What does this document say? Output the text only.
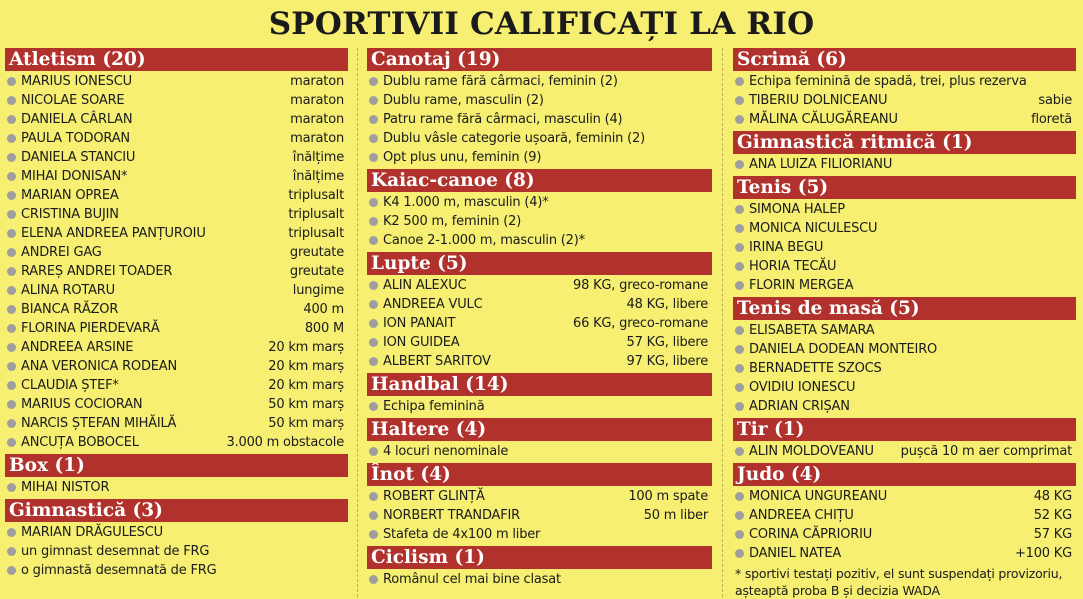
SPORTIVII CALIFICAȚI LA RIO
Atletism (20)
MARIUS IONESCU	maraton
NICOLAE SOARE	maraton
DANIELA CÂRLAN	maraton
PAULA TODORAN	maraton
DANIELA STANCIU	înălțime
MIHAI DONISAN*	înălțime
MARIAN OPREA	triplusalt
CRISTINA BUJIN	triplusalt
ELENA ANDREEA PANȚUROIU	triplusalt
ANDREI GAG	greutate
RAREȘ ANDREI TOADER	greutate
ALINA ROTARU	lungime
BIANCA RĂZOR	400 m
FLORINA PIERDEVARĂ	800 M
ANDREEA ARSINE	20 km marș
ANA VERONICA RODEAN	20 km marș
CLAUDIA ȘTEF*	20 km marș
MARIUS COCIORAN	50 km marș
NARCIS ȘTEFAN MIHĂILĂ	50 km marș
ANCUȚA BOBOCEL	3.000 m obstacole
Box (1)
MIHAI NISTOR
Gimnastică (3)
MARIAN DRĂGULESCU
un gimnast desemnat de FRG
o gimnastă desemnată de FRG
Canotaj (19)
Dublu rame fără cârmaci, feminin (2)
Dublu rame, masculin (2)
Patru rame fără cârmaci, masculin (4)
Dublu vâsle categorie ușoară, feminin (2)
Opt plus unu, feminin (9)
Kaiac-canoe (8)
K4 1.000 m, masculin (4)*
K2 500 m, feminin (2)
Canoe 2-1.000 m, masculin (2)*
Lupte (5)
ALIN ALEXUC	98 KG, greco-romane
ANDREEA VULC	48 KG, libere
ION PANAIT	66 KG, greco-romane
ION GUIDEA	57 KG, libere
ALBERT SARITOV	97 KG, libere
Handbal (14)
Echipa feminină
Haltere (4)
4 locuri nenominale
Înot (4)
ROBERT GLINȚĂ	100 m spate
NORBERT TRANDAFIR	50 m liber
Stafeta de 4x100 m liber
Ciclism (1)
Românul cel mai bine clasat
Scrimă (6)
Echipa feminină de spadă, trei, plus rezerva
TIBERIU DOLNICEANU	sabie
MĂLINA CĂLUGĂREANU	floretă
Gimnastică ritmică (1)
ANA LUIZA FILIORIANU
Tenis (5)
SIMONA HALEP
MONICA NICULESCU
IRINA BEGU
HORIA TECĂU
FLORIN MERGEA
Tenis de masă (5)
ELISABETA SAMARA
DANIELA DODEAN MONTEIRO
BERNADETTE SZOCS
OVIDIU IONESCU
ADRIAN CRIȘAN
Tir (1)
ALIN MOLDOVEANU	pușcă 10 m aer comprimat
Judo (4)
MONICA UNGUREANU	48 KG
ANDREEA CHIȚU	52 KG
CORINA CĂPRIORIU	57 KG
DANIEL NATEA	+100 KG
* sportivi testați pozitiv, el sunt suspendați provizoriu, așteaptă proba B și decizia WADA
